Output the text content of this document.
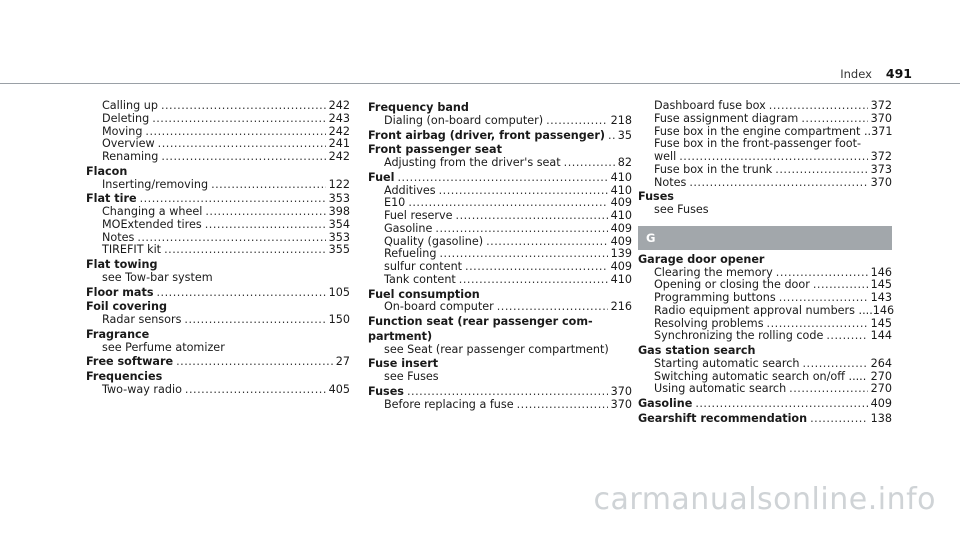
Index 491
Calling up .....	242
Deleting .....	243
Moving .....	242
Overview .....	241
Renaming .....	242
Flacon
Inserting/removing .....	122
Flat tire .....	353
Changing a wheel .....	398
MOExtended tires .....	354
Notes .....	353
TIREFIT kit .....	355
Flat towing
see Tow-bar system
Floor mats .....	105
Foil covering
Radar sensors .....	150
Fragrance
see Perfume atomizer
Free software .....	27
Frequencies
Two-way radio .....	405
Frequency band
Dialing (on-board computer) .....	218
Front airbag (driver, front passenger) ..... 35
Front passenger seat
Adjusting from the driver's seat .....	82
Fuel .....	410
Additives .....	410
E10 .....	409
Fuel reserve .....	410
Gasoline .....	409
Quality (gasoline) .....	409
Refueling .....	139
sulfur content .....	409
Tank content .....	410
Fuel consumption
On-board computer .....	216
Function seat (rear passenger com-
partment)
see Seat (rear passenger compartment)
Fuse insert
see Fuses
Fuses .....	370
Before replacing a fuse .....	370
Dashboard fuse box .....	372
Fuse assignment diagram .....	370
Fuse box in the engine compartment .. 371
Fuse box in the front-passenger foot-
well .....	372
Fuse box in the trunk .....	373
Notes .....	370
Fuses
see Fuses
G
Garage door opener
Clearing the memory .....	146
Opening or closing the door .....	145
Programming buttons .....	143
Radio equipment approval numbers .... 146
Resolving problems .....	145
Synchronizing the rolling code .....	144
Gas station search
Starting automatic search .....	264
Switching automatic search on/off ..... 270
Using automatic search .....	270
Gasoline .....	409
Gearshift recommendation .....	138
carmanualsonline.info
